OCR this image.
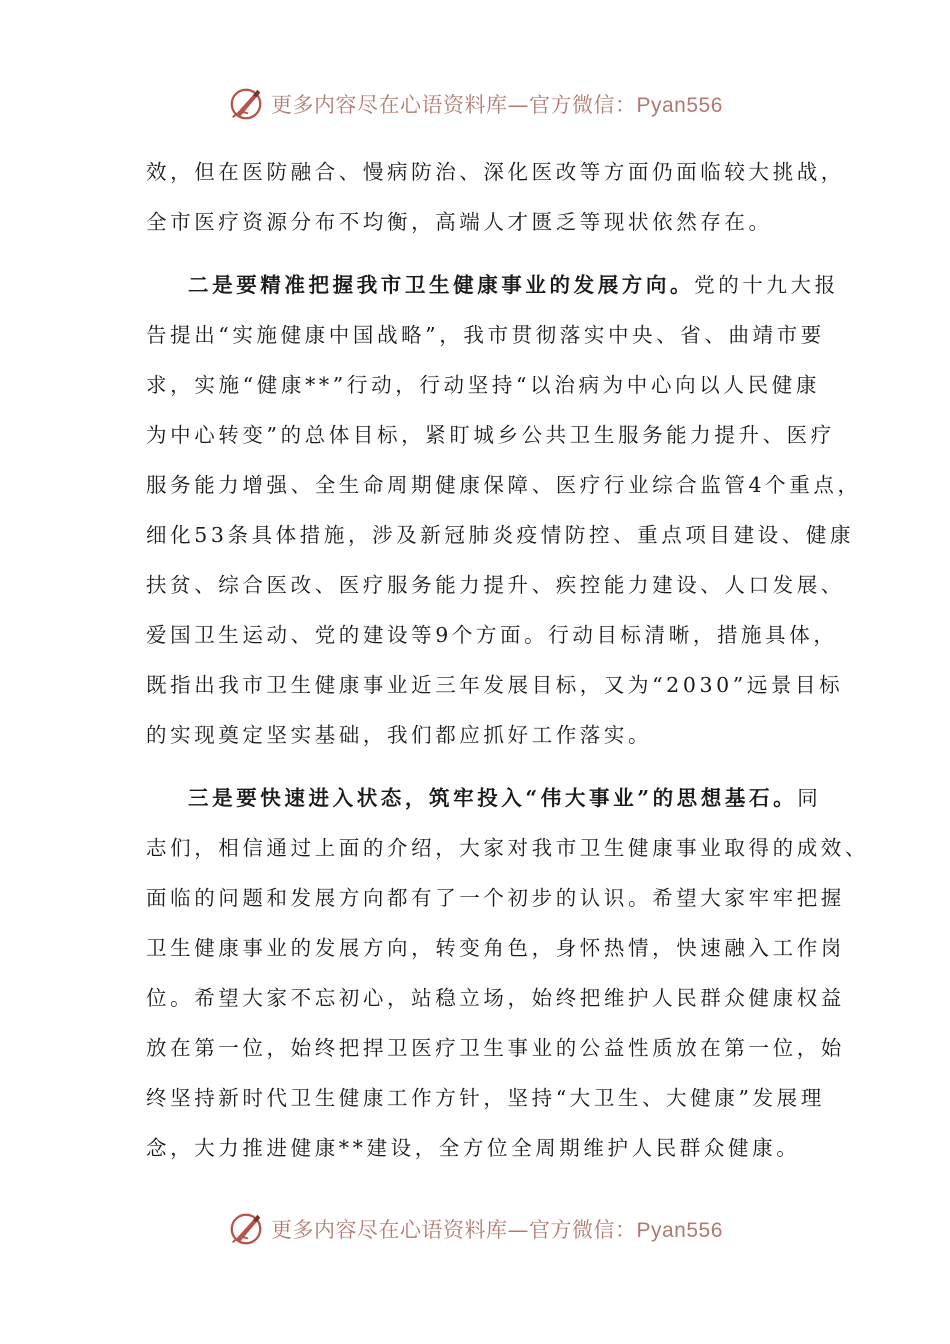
更多内容尽在心语资料库—官方微信：Pyan556
效，但在医防融合、慢病防治、深化医改等方面仍面临较大挑战，
全市医疗资源分布不均衡，高端人才匮乏等现状依然存在。
二是要精准把握我市卫生健康事业的发展方向。党的十九大报
告提出“实施健康中国战略”，我市贯彻落实中央、省、曲靖市要
求，实施“健康**”行动，行动坚持“以治病为中心向以人民健康
为中心转变”的总体目标，紧盯城乡公共卫生服务能力提升、医疗
服务能力增强、全生命周期健康保障、医疗行业综合监管4个重点，
细化53条具体措施，涉及新冠肺炎疫情防控、重点项目建设、健康
扶贫、综合医改、医疗服务能力提升、疾控能力建设、人口发展、
爱国卫生运动、党的建设等9个方面。行动目标清晰，措施具体，
既指出我市卫生健康事业近三年发展目标，又为“2030”远景目标
的实现奠定坚实基础，我们都应抓好工作落实。
三是要快速进入状态，筑牢投入“伟大事业”的思想基石。同
志们，相信通过上面的介绍，大家对我市卫生健康事业取得的成效、
面临的问题和发展方向都有了一个初步的认识。希望大家牢牢把握
卫生健康事业的发展方向，转变角色，身怀热情，快速融入工作岗
位。希望大家不忘初心，站稳立场，始终把维护人民群众健康权益
放在第一位，始终把捍卫医疗卫生事业的公益性质放在第一位，始
终坚持新时代卫生健康工作方针，坚持“大卫生、大健康”发展理
念，大力推进健康**建设，全方位全周期维护人民群众健康。
更多内容尽在心语资料库—官方微信：Pyan556
